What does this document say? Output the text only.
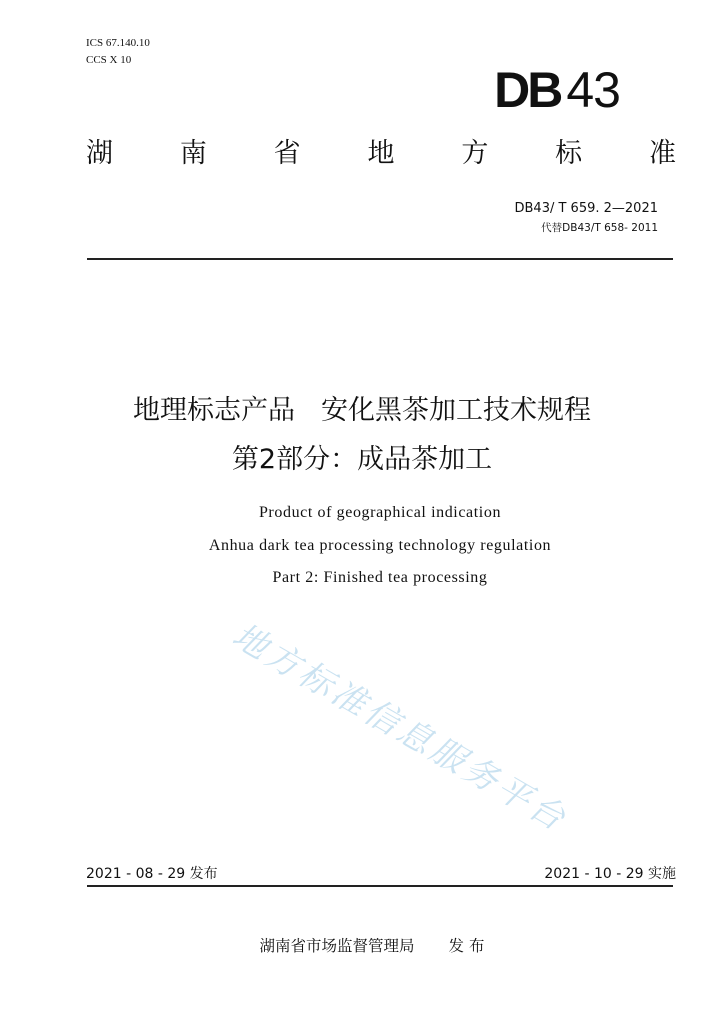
ICS 67.140.10
CCS X 10
DB 43
湖 南 省 地 方 标 准
DB43/ T 659. 2—2021
代替DB43/T 658- 2011
地理标志产品 安化黑茶加工技术规程
第2部分：成品茶加工
Product of geographical indication
Anhua dark tea processing technology regulation
Part 2: Finished tea processing
地方标准信息服务平台
2021 - 08 - 29 发布	2021 - 10 - 29 实施
湖南省市场监督管理局 发 布
